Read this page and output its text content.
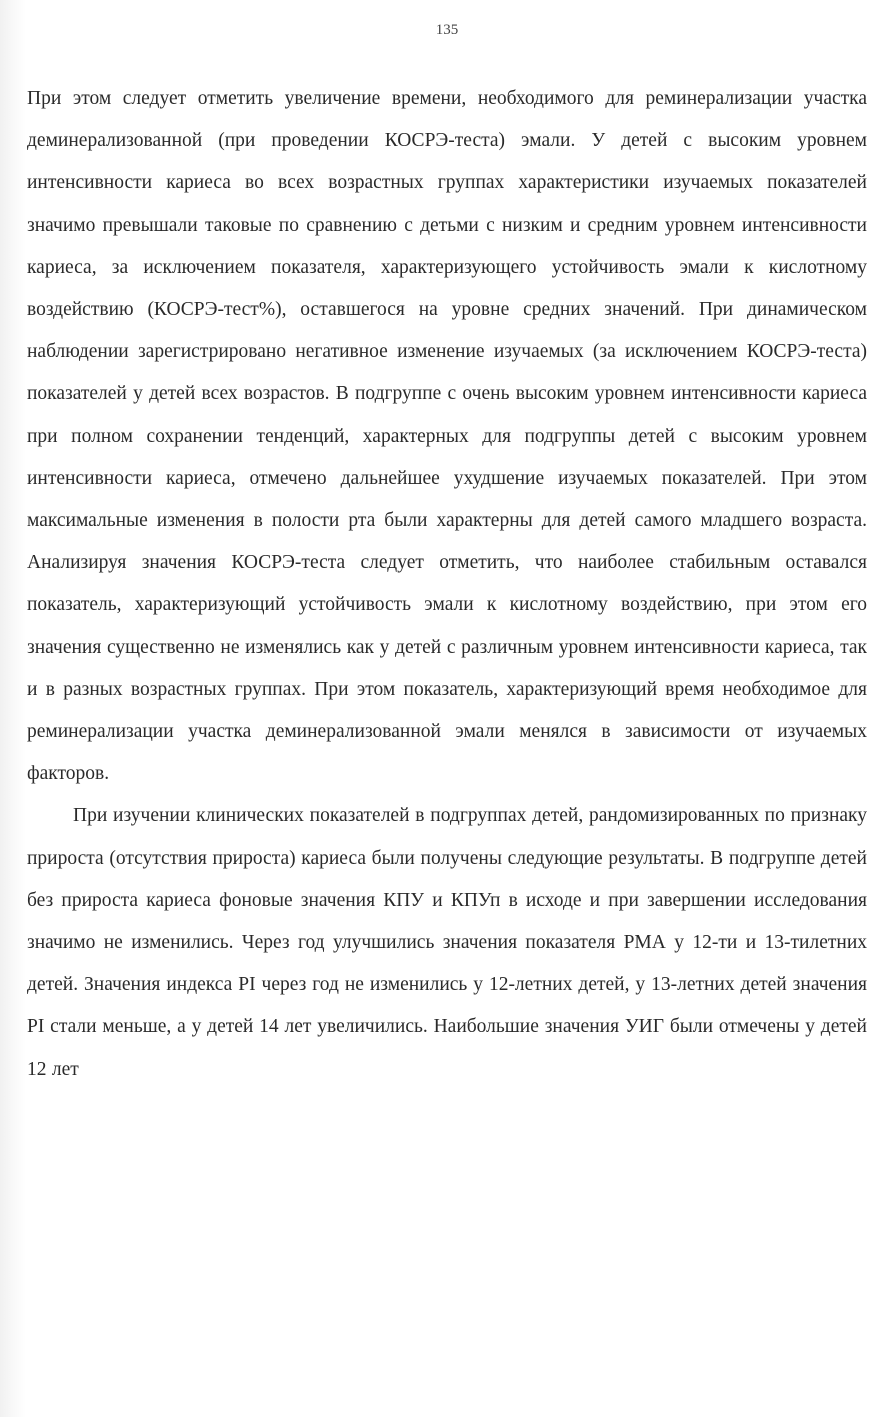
135

При этом следует отметить увеличение времени, необходимого для реминерализации участка деминерализованной (при проведении КОСРЭ-теста) эмали. У детей с высоким уровнем интенсивности кариеса во всех возрастных группах характеристики изучаемых показателей значимо превышали таковые по сравнению с детьми с низким и средним уровнем интенсивности кариеса, за исключением показателя, характеризующего устойчивость эмали к кислотному воздействию (КОСРЭ-тест%), оставшегося на уровне средних значений. При динамическом наблюдении зарегистрировано негативное изменение изучаемых (за исключением КОСРЭ-теста) показателей у детей всех возрастов. В подгруппе с очень высоким уровнем интенсивности кариеса при полном сохранении тенденций, характерных для подгруппы детей с высоким уровнем интенсивности кариеса, отмечено дальнейшее ухудшение изучаемых показателей. При этом максимальные изменения в полости рта были характерны для детей самого младшего возраста. Анализируя значения КОСРЭ-теста следует отметить, что наиболее стабильным оставался показатель, характеризующий устойчивость эмали к кислотному воздействию, при этом его значения существенно не изменялись как у детей с различным уровнем интенсивности кариеса, так и в разных возрастных группах. При этом показатель, характеризующий время необходимое для реминерализации участка деминерализованной эмали менялся в зависимости от изучаемых факторов.

При изучении клинических показателей в подгруппах детей, рандомизированных по признаку прироста (отсутствия прироста) кариеса были получены следующие результаты. В подгруппе детей без прироста кариеса фоновые значения КПУ и КПУп в исходе и при завершении исследования значимо не изменились. Через год улучшились значения показателя РМА у 12-ти и 13-тилетних детей. Значения индекса PI через год не изменились у 12-летних детей, у 13-летних детей значения PI стали меньше, а у детей 14 лет увеличились. Наибольшие значения УИГ были отмечены у детей 12 лет
